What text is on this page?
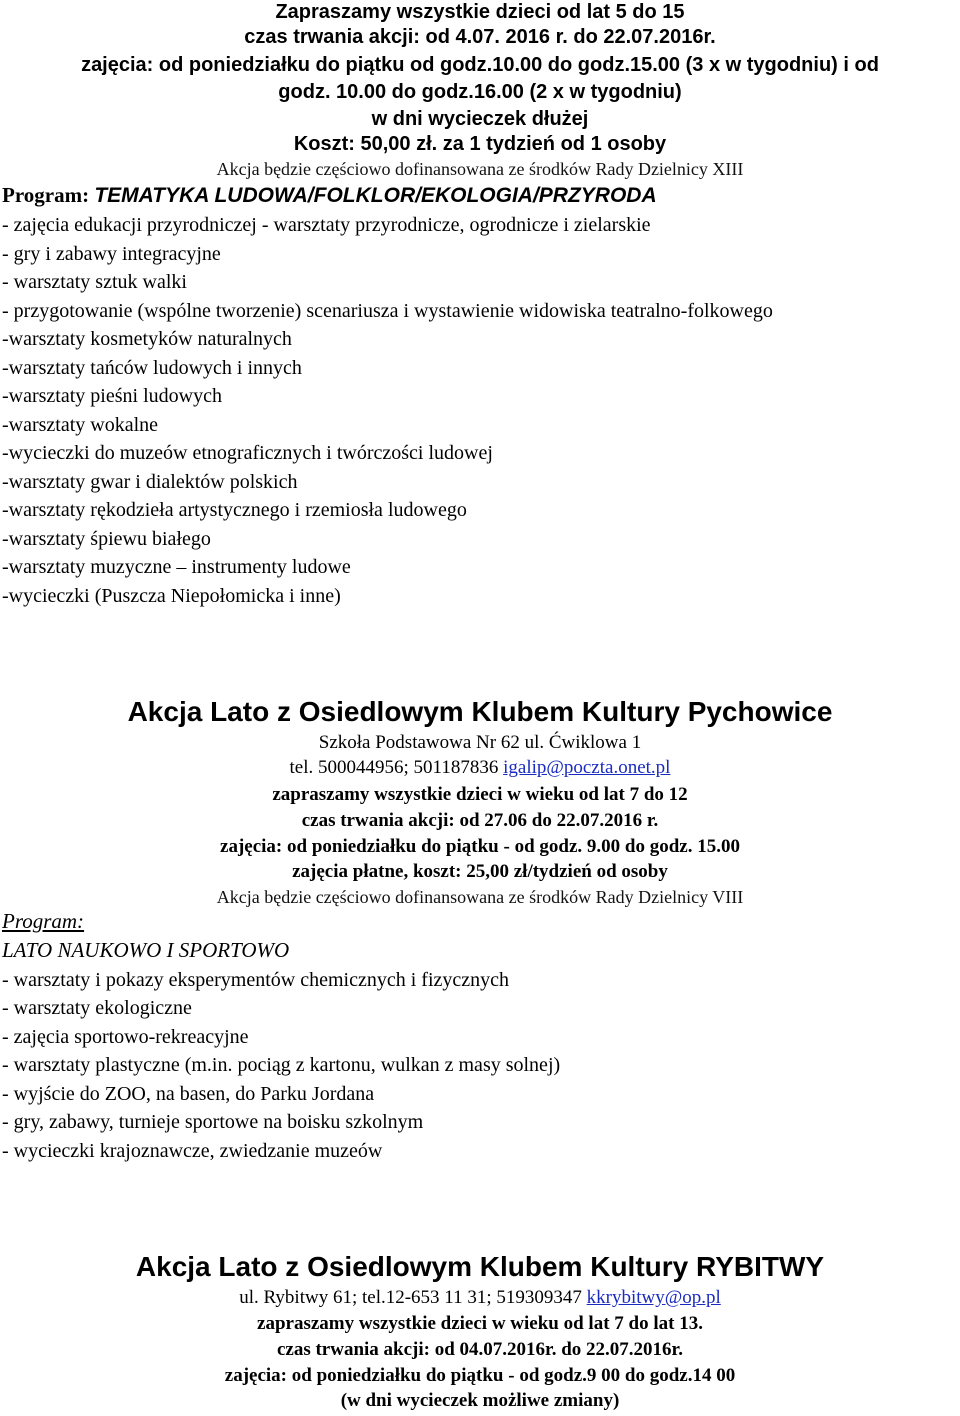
Zapraszamy wszystkie dzieci od lat 5 do 15
czas trwania akcji: od 4.07. 2016 r. do 22.07.2016r.
zajęcia: od poniedziałku do piątku od godz.10.00 do godz.15.00 (3 x w tygodniu) i od
godz. 10.00 do godz.16.00 (2 x w tygodniu)
w dni wycieczek dłużej
Koszt: 50,00 zł. za 1 tydzień od 1 osoby
Akcja będzie częściowo dofinansowana ze środków Rady Dzielnicy XIII
Program: TEMATYKA LUDOWA/FOLKLOR/EKOLOGIA/PRZYRODA
- zajęcia edukacji przyrodniczej - warsztaty przyrodnicze, ogrodnicze i zielarskie
- gry i zabawy integracyjne
- warsztaty sztuk walki
- przygotowanie (wspólne tworzenie) scenariusza i wystawienie widowiska teatralno-folkowego
-warsztaty kosmetyków naturalnych
-warsztaty tańców ludowych i innych
-warsztaty pieśni ludowych
-warsztaty wokalne
-wycieczki do muzeów etnograficznych i twórczości ludowej
-warsztaty gwar i dialektów polskich
-warsztaty rękodzieła artystycznego i rzemiosła ludowego
-warsztaty śpiewu białego
-warsztaty muzyczne – instrumenty ludowe
-wycieczki (Puszcza Niepołomicka i inne)
Akcja Lato z Osiedlowym Klubem Kultury Pychowice
Szkoła Podstawowa Nr 62 ul. Ćwiklowa 1
tel. 500044956; 501187836 igalip@poczta.onet.pl
zapraszamy wszystkie dzieci w wieku od lat 7 do 12
czas trwania akcji: od 27.06 do 22.07.2016 r.
zajęcia: od poniedziałku do piątku - od godz. 9.00 do godz. 15.00
zajęcia płatne, koszt: 25,00 zł/tydzień od osoby
Akcja będzie częściowo dofinansowana ze środków Rady Dzielnicy VIII
Program:
LATO NAUKOWO I SPORTOWO
- warsztaty i pokazy eksperymentów chemicznych i fizycznych
- warsztaty ekologiczne
- zajęcia sportowo-rekreacyjne
- warsztaty plastyczne (m.in. pociąg z kartonu, wulkan z masy solnej)
- wyjście do ZOO, na basen, do Parku Jordana
- gry, zabawy, turnieje sportowe na boisku szkolnym
- wycieczki krajoznawcze, zwiedzanie muzeów
Akcja Lato z Osiedlowym Klubem Kultury RYBITWY
ul. Rybitwy 61; tel.12-653 11 31; 519309347 kkrybitwy@op.pl
zapraszamy wszystkie dzieci w wieku od lat 7 do lat 13.
czas trwania akcji: od 04.07.2016r. do 22.07.2016r.
zajęcia: od poniedziałku do piątku - od godz.9 00 do godz.14 00
(w dni wycieczek możliwe zmiany)
